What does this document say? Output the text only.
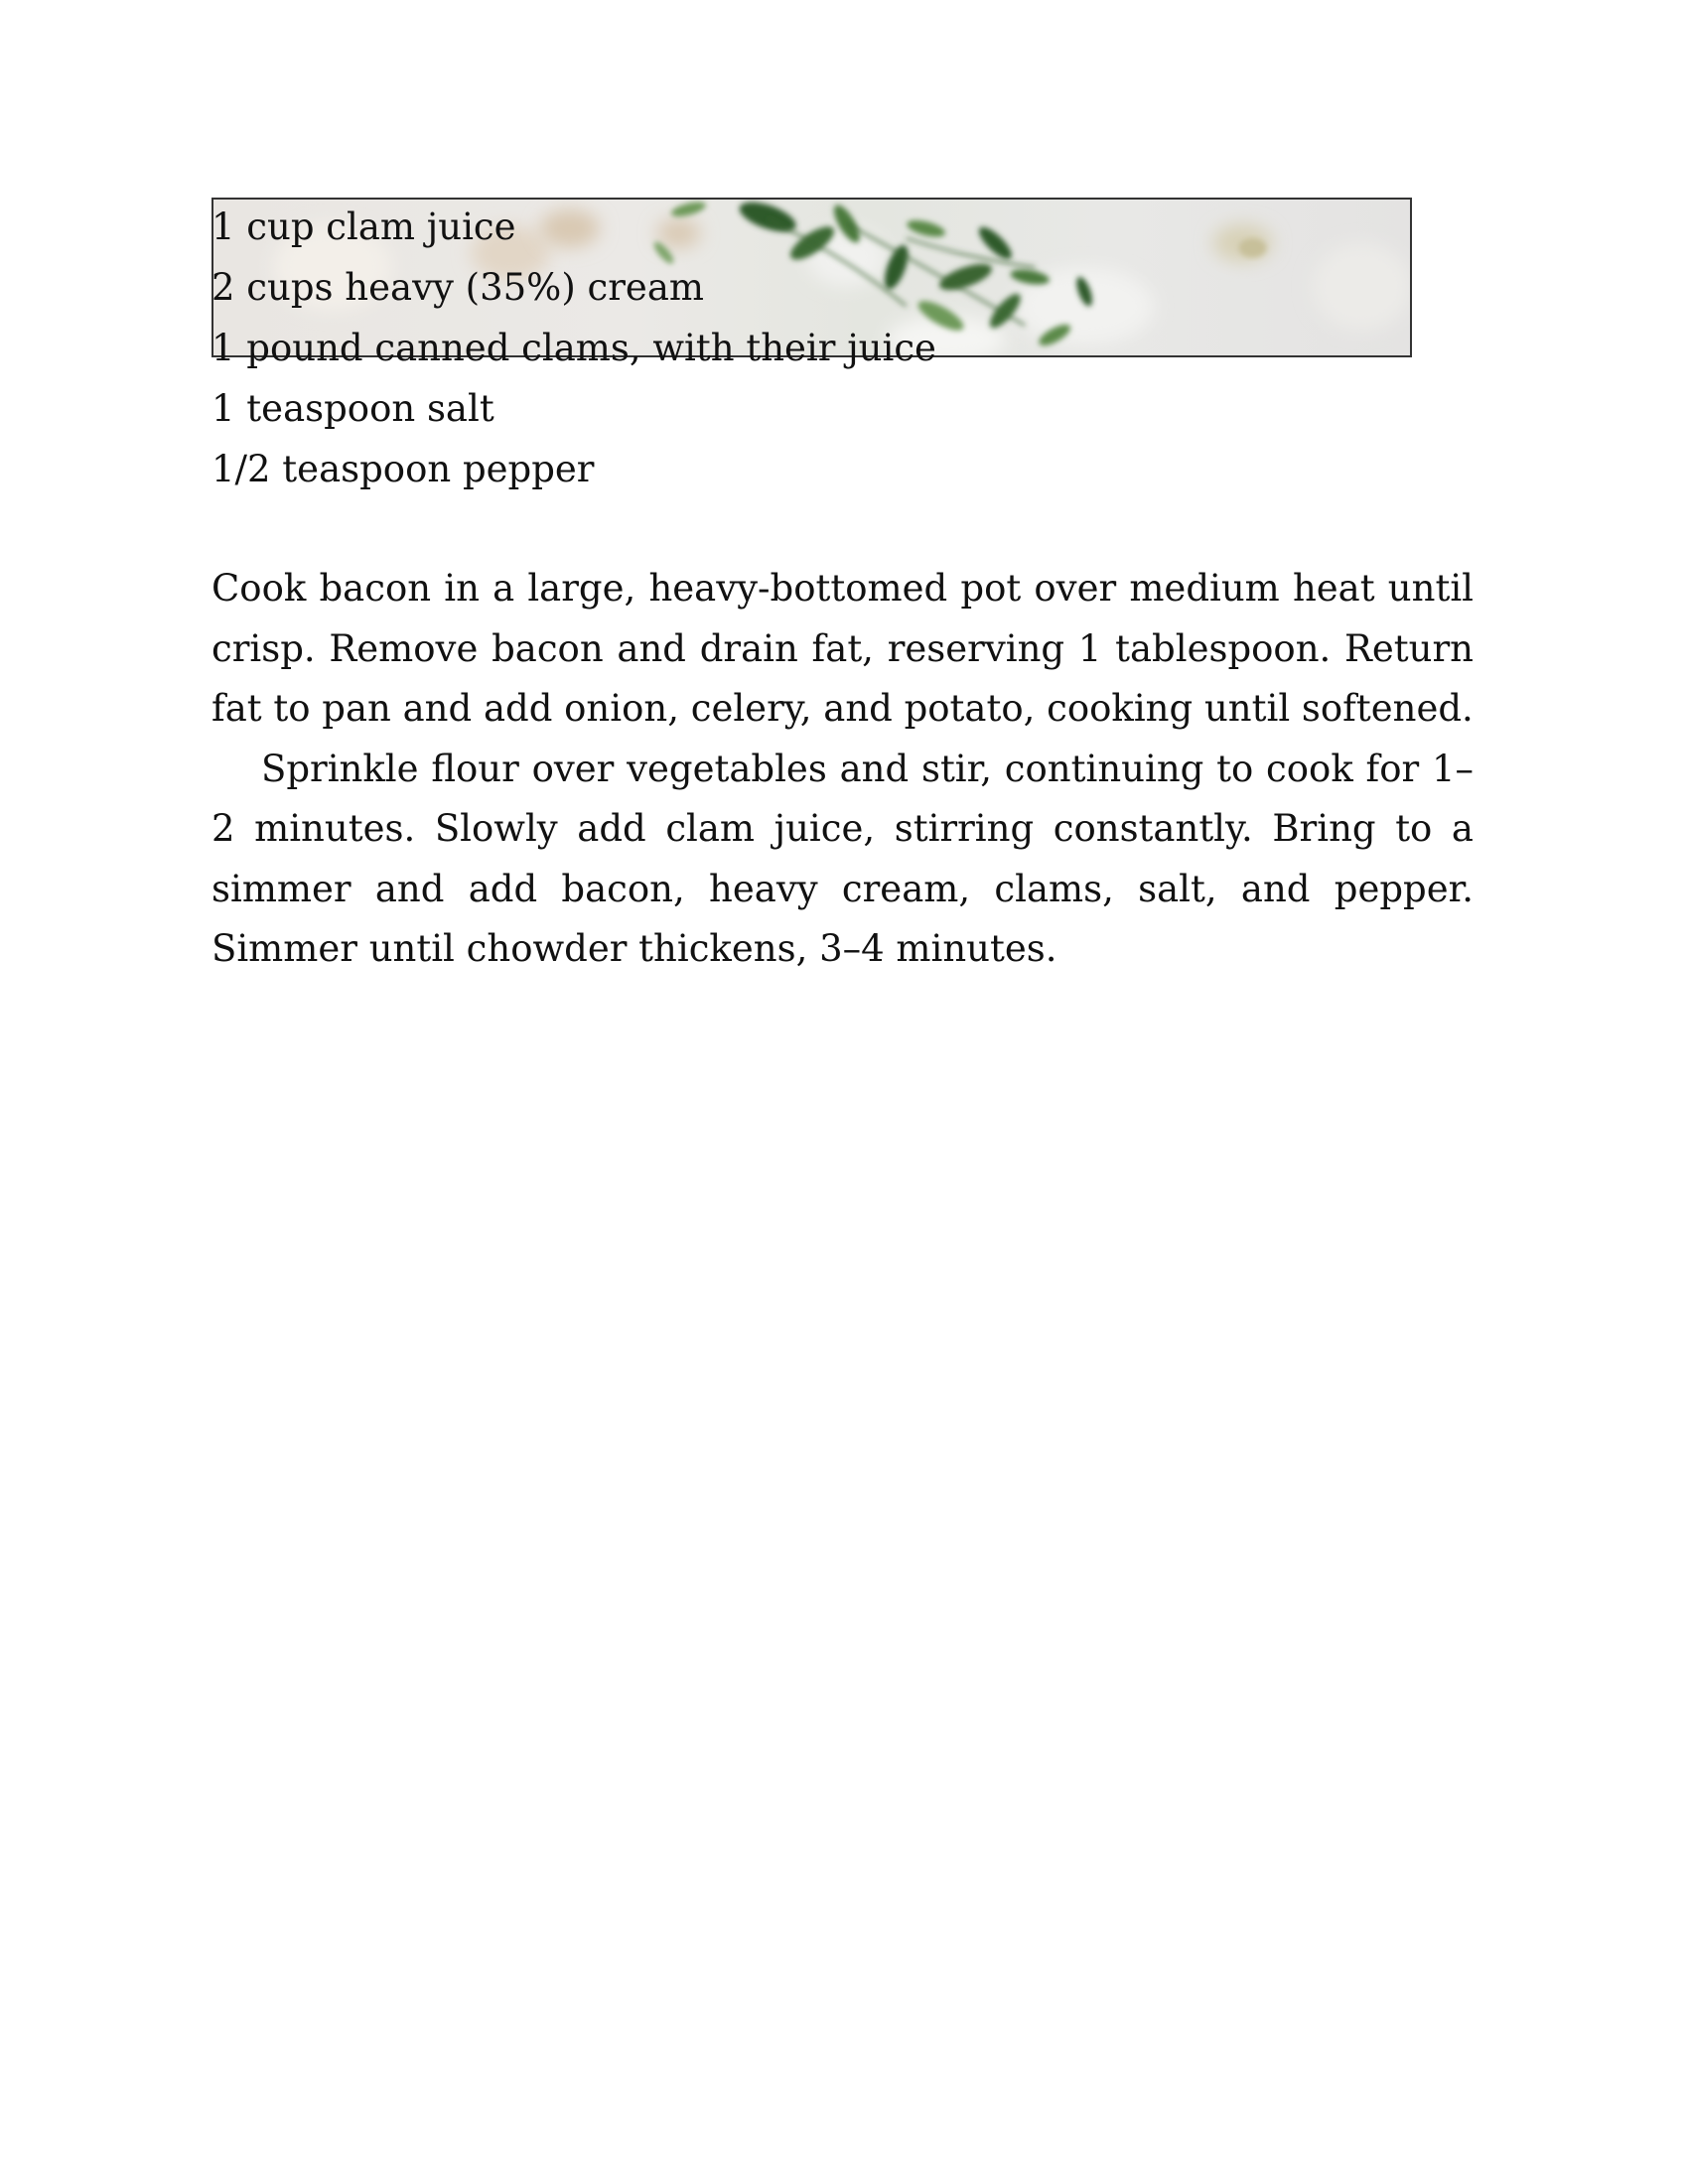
1 cup clam juice
2 cups heavy (35%) cream
1 pound canned clams, with their juice
1 teaspoon salt
1/2 teaspoon pepper

Cook bacon in a large, heavy-bottomed pot over medium heat until crisp. Remove bacon and drain fat, reserving 1 tablespoon. Return fat to pan and add onion, celery, and potato, cooking until softened.

Sprinkle flour over vegetables and stir, continuing to cook for 1–2 minutes. Slowly add clam juice, stirring constantly. Bring to a simmer and add bacon, heavy cream, clams, salt, and pepper. Simmer until chowder thickens, 3–4 minutes.
